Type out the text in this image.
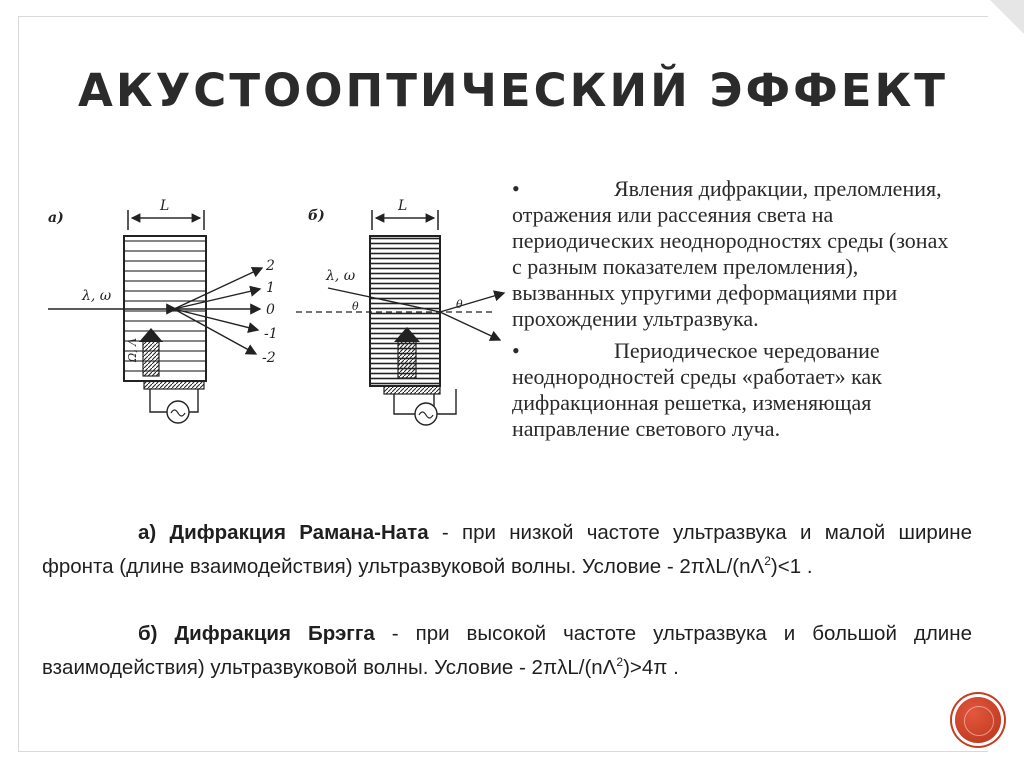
АКУСТООПТИЧЕСКИЙ ЭФФЕКТ
а)
L
Ω, Λ
λ, ω
2
1
0
-1
-2
б)
L
λ, ω
θ	θ
•	Явления дифракции, преломления, отражения или рассеяния света на периодических неоднородностях среды (зонах с разным показателем преломления), вызванных упругими деформациями при прохождении ультразвука.
•	Периодическое чередование неоднородностей среды «работает» как дифракционная решетка, изменяющая направление светового луча.

а) Дифракция Рамана-Ната - при низкой частоте ультразвука и малой ширине фронта (длине взаимодействия) ультразвуковой волны. Условие - $2\pi\lambda L/(n\Lambda^2)<1$ .

б) Дифракция Брэгга - при высокой частоте ультразвука и большой длине взаимодействия) ультразвуковой волны. Условие - $2\pi\lambda L/(n\Lambda^2)>4\pi$ .
